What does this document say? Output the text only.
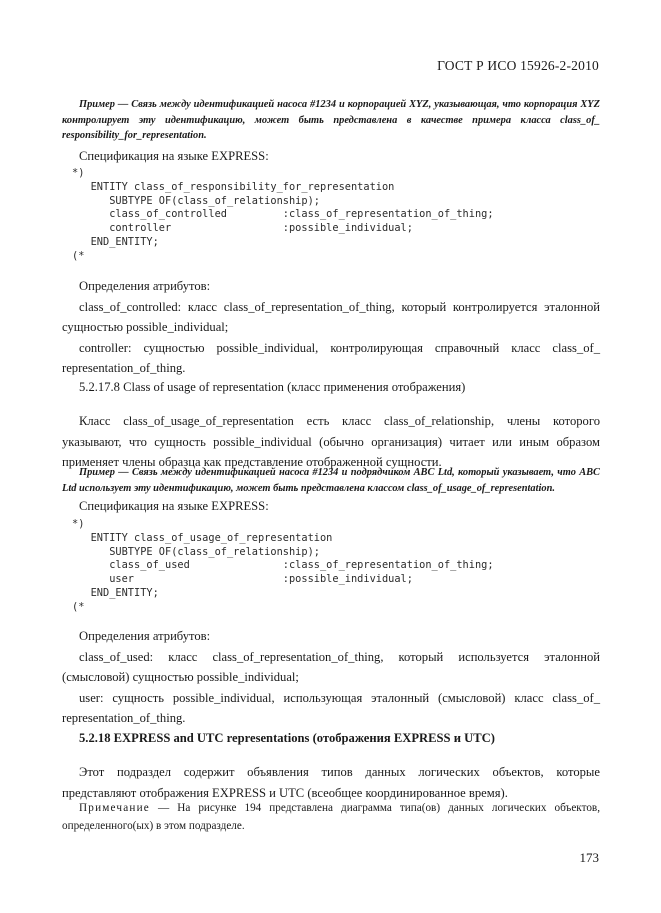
ГОСТ Р ИСО 15926-2-2010

Пример — Связь между идентификацией насоса #1234 и корпорацией XYZ, указывающая, что корпорация XYZ контролирует эту идентификацию, может быть представлена в качестве примера класса class_of_ responsibility_for_representation.

Спецификация на языке EXPRESS:

*)
ENTITY class_of_responsibility_for_representation
SUBTYPE OF(class_of_relationship);
class_of_controlled         :class_of_representation_of_thing;
controller                  :possible_individual;
END_ENTITY;
(*

Определения атрибутов:

class_of_controlled: класс class_of_representation_of_thing, который контролируется эталонной сущностью possible_individual;

controller: сущностью possible_individual, контролирующая справочный класс class_of_ representation_of_thing.

5.2.17.8 Class of usage of representation (класс применения отображения)

Класс class_of_usage_of_representation есть класс class_of_relationship, члены которого указывают, что сущность possible_individual (обычно организация) читает или иным образом применяет члены образца как представление отображенной сущности.

Пример — Связь между идентификацией насоса #1234 и подрядчиком ABC Ltd, который указывает, что ABC Ltd использует эту идентификацию, может быть представлена классом class_of_usage_of_representation.

Спецификация на языке EXPRESS:

*)
ENTITY class_of_usage_of_representation
SUBTYPE OF(class_of_relationship);
class_of_used               :class_of_representation_of_thing;
user                        :possible_individual;
END_ENTITY;
(*

Определения атрибутов:

class_of_used: класс class_of_representation_of_thing, который используется эталонной (смысловой) сущностью possible_individual;

user: сущность possible_individual, использующая эталонный (смысловой) класс class_of_ representation_of_thing.

5.2.18 EXPRESS and UTC representations (отображения EXPRESS и UTC)

Этот подраздел содержит объявления типов данных логических объектов, которые представляют отображения EXPRESS и UTC (всеобщее координированное время).

Примечание — На рисунке 194 представлена диаграмма типа(ов) данных логических объектов, определенного(ых) в этом подразделе.

173
